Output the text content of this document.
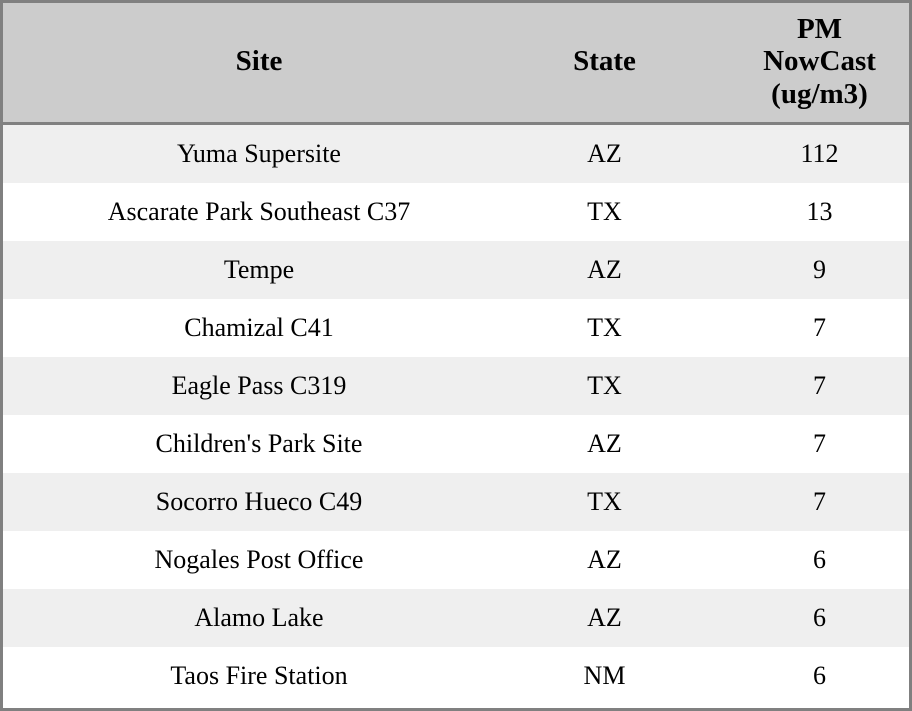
Site	State	PM
NowCast
(ug/m3)

Yuma Supersite	AZ	112
Ascarate Park Southeast C37	TX	13
Tempe	AZ	9
Chamizal C41	TX	7
Eagle Pass C319	TX	7
Children's Park Site	AZ	7
Socorro Hueco C49	TX	7
Nogales Post Office	AZ	6
Alamo Lake	AZ	6
Taos Fire Station	NM	6
